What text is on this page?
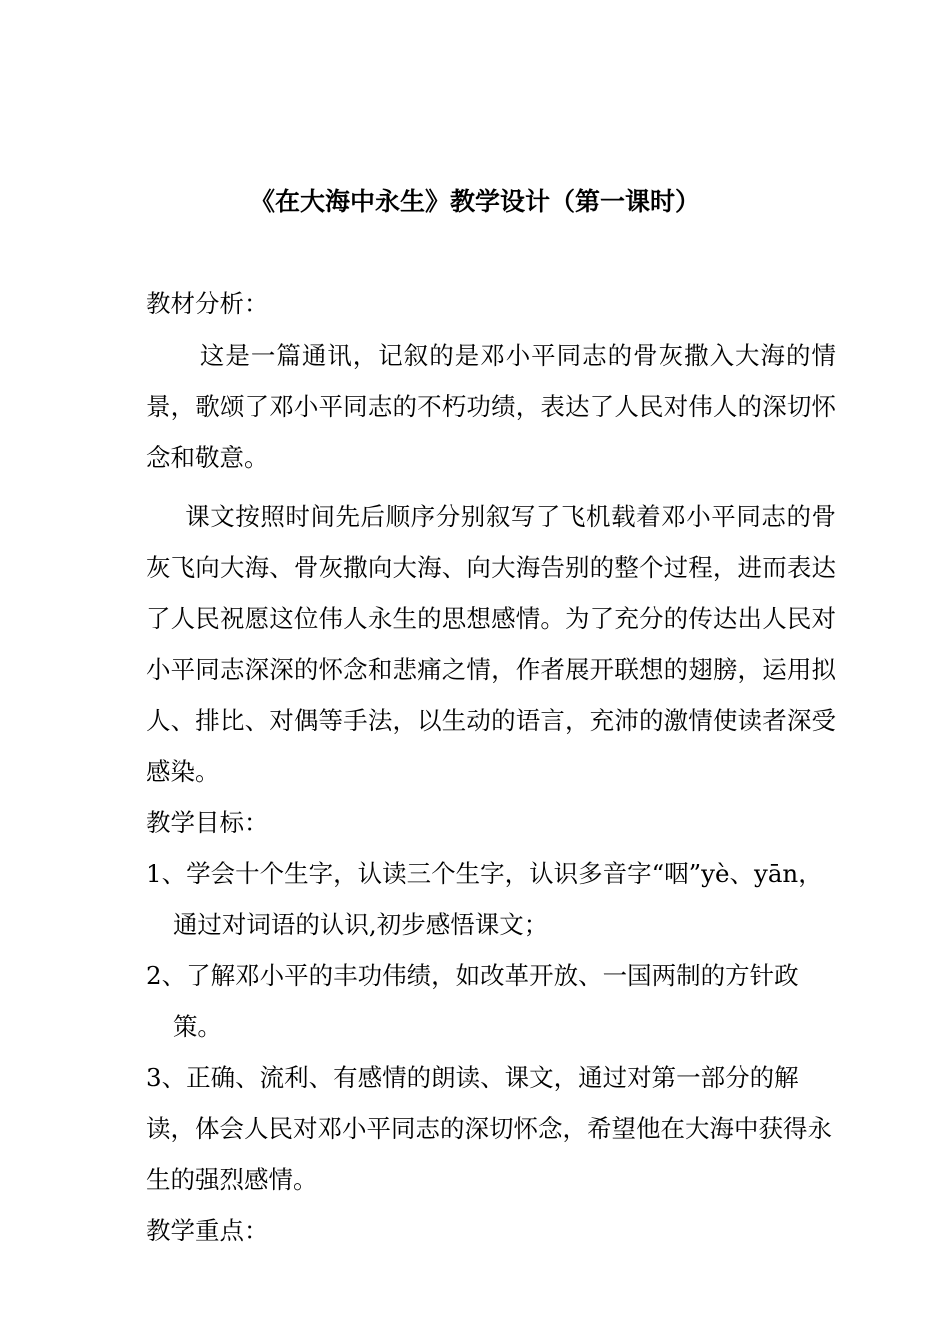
《在大海中永生》教学设计（第一课时）

教材分析：

这是一篇通讯，记叙的是邓小平同志的骨灰撒入大海的情景，歌颂了邓小平同志的不朽功绩，表达了人民对伟人的深切怀念和敬意。

课文按照时间先后顺序分别叙写了飞机载着邓小平同志的骨灰飞向大海、骨灰撒向大海、向大海告别的整个过程，进而表达了人民祝愿这位伟人永生的思想感情。为了充分的传达出人民对小平同志深深的怀念和悲痛之情，作者展开联想的翅膀，运用拟人、排比、对偶等手法，以生动的语言，充沛的激情使读者深受感染。

教学目标：

1、学会十个生字，认读三个生字，认识多音字“咽”yè、yān，通过对词语的认识,初步感悟课文；

2、了解邓小平的丰功伟绩，如改革开放、一国两制的方针政策。

3、正确、流利、有感情的朗读、课文，通过对第一部分的解读，体会人民对邓小平同志的深切怀念，希望他在大海中获得永生的强烈感情。

教学重点：
